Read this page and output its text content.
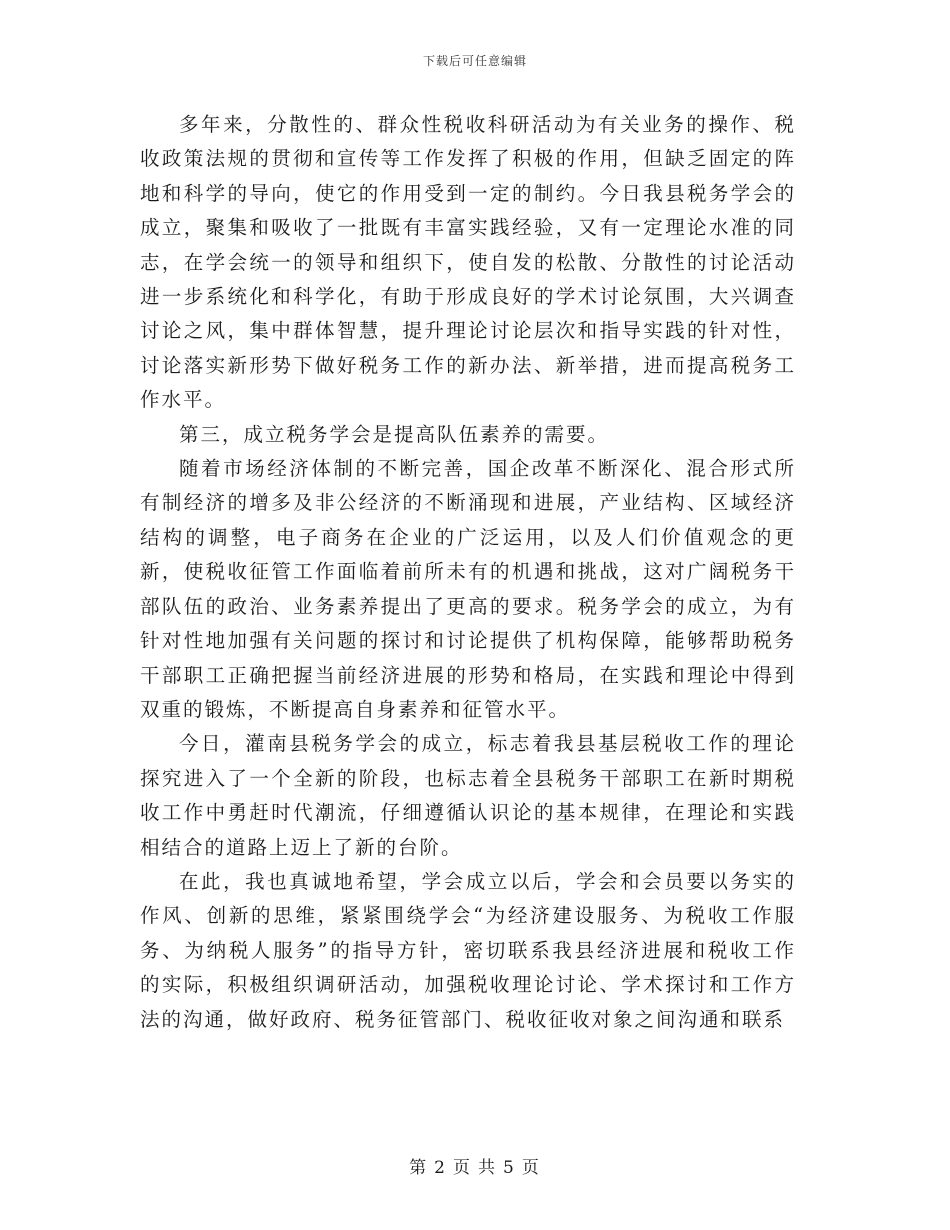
下载后可任意编辑

多年来，分散性的、群众性税收科研活动为有关业务的操作、税收政策法规的贯彻和宣传等工作发挥了积极的作用，但缺乏固定的阵地和科学的导向，使它的作用受到一定的制约。今日我县税务学会的成立，聚集和吸收了一批既有丰富实践经验，又有一定理论水准的同志，在学会统一的领导和组织下，使自发的松散、分散性的讨论活动进一步系统化和科学化，有助于形成良好的学术讨论氛围，大兴调查讨论之风，集中群体智慧，提升理论讨论层次和指导实践的针对性，讨论落实新形势下做好税务工作的新办法、新举措，进而提高税务工作水平。

第三，成立税务学会是提高队伍素养的需要。

随着市场经济体制的不断完善，国企改革不断深化、混合形式所有制经济的增多及非公经济的不断涌现和进展，产业结构、区域经济结构的调整，电子商务在企业的广泛运用，以及人们价值观念的更新，使税收征管工作面临着前所未有的机遇和挑战，这对广阔税务干部队伍的政治、业务素养提出了更高的要求。税务学会的成立，为有针对性地加强有关问题的探讨和讨论提供了机构保障，能够帮助税务干部职工正确把握当前经济进展的形势和格局，在实践和理论中得到双重的锻炼，不断提高自身素养和征管水平。

今日，灌南县税务学会的成立，标志着我县基层税收工作的理论探究进入了一个全新的阶段，也标志着全县税务干部职工在新时期税收工作中勇赶时代潮流，仔细遵循认识论的基本规律，在理论和实践相结合的道路上迈上了新的台阶。

在此，我也真诚地希望，学会成立以后，学会和会员要以务实的作风、创新的思维，紧紧围绕学会“为经济建设服务、为税收工作服务、为纳税人服务”的指导方针，密切联系我县经济进展和税收工作的实际，积极组织调研活动，加强税收理论讨论、学术探讨和工作方法的沟通，做好政府、税务征管部门、税收征收对象之间沟通和联系

第 2 页 共 5 页
